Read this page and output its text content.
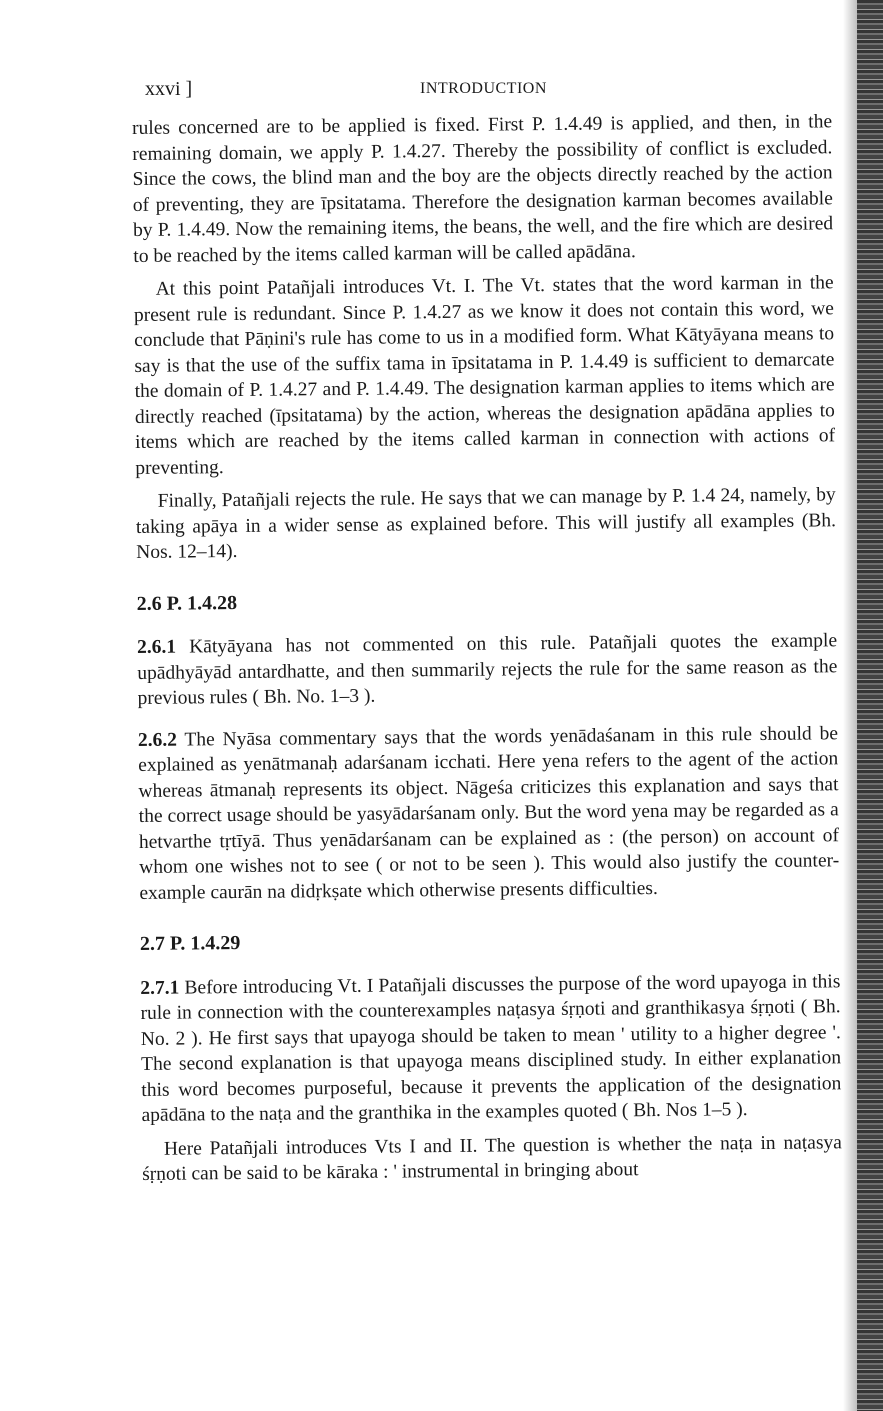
xxvi ]	INTRODUCTION

rules concerned are to be applied is fixed. First P. 1.4.49 is applied, and then, in the remaining domain, we apply P. 1.4.27. Thereby the possibility of conflict is excluded. Since the cows, the blind man and the boy are the objects directly reached by the action of preventing, they are īpsitatama. Therefore the designation karman becomes available by P. 1.4.49. Now the remaining items, the beans, the well, and the fire which are desired to be reached by the items called karman will be called apādāna.

At this point Patañjali introduces Vt. I. The Vt. states that the word karman in the present rule is redundant. Since P. 1.4.27 as we know it does not contain this word, we conclude that Pāṇini's rule has come to us in a modified form. What Kātyāyana means to say is that the use of the suffix tama in īpsitatama in P. 1.4.49 is sufficient to demarcate the domain of P. 1.4.27 and P. 1.4.49. The designation karman applies to items which are directly reached (īpsitatama) by the action, whereas the designation apādāna applies to items which are reached by the items called karman in connection with actions of preventing.

Finally, Patañjali rejects the rule. He says that we can manage by P. 1.4 24, namely, by taking apāya in a wider sense as explained before. This will justify all examples (Bh. Nos. 12–14).

2.6 P. 1.4.28

2.6.1 Kātyāyana has not commented on this rule. Patañjali quotes the example upādhyāyād antardhatte, and then summarily rejects the rule for the same reason as the previous rules ( Bh. No. 1–3 ).

2.6.2 The Nyāsa commentary says that the words yenādaśanam in this rule should be explained as yenātmanaḥ adarśanam icchati. Here yena refers to the agent of the action whereas ātmanaḥ represents its object. Nāgeśa criticizes this explanation and says that the correct usage should be yasyādarśanam only. But the word yena may be regarded as a hetvarthe tṛtīyā. Thus yenādarśanam can be explained as : (the person) on account of whom one wishes not to see ( or not to be seen ). This would also justify the counter-example caurān na didṛkṣate which otherwise presents difficulties.

2.7 P. 1.4.29

2.7.1 Before introducing Vt. I Patañjali discusses the purpose of the word upayoga in this rule in connection with the counterexamples naṭasya śṛṇoti and granthikasya śṛṇoti ( Bh. No. 2 ). He first says that upayoga should be taken to mean ' utility to a higher degree '. The second explanation is that upayoga means disciplined study. In either explanation this word becomes purposeful, because it prevents the application of the designation apādāna to the naṭa and the granthika in the examples quoted ( Bh. Nos 1–5 ).

Here Patañjali introduces Vts I and II. The question is whether the naṭa in naṭasya śṛṇoti can be said to be kāraka : ' instrumental in bringing about
